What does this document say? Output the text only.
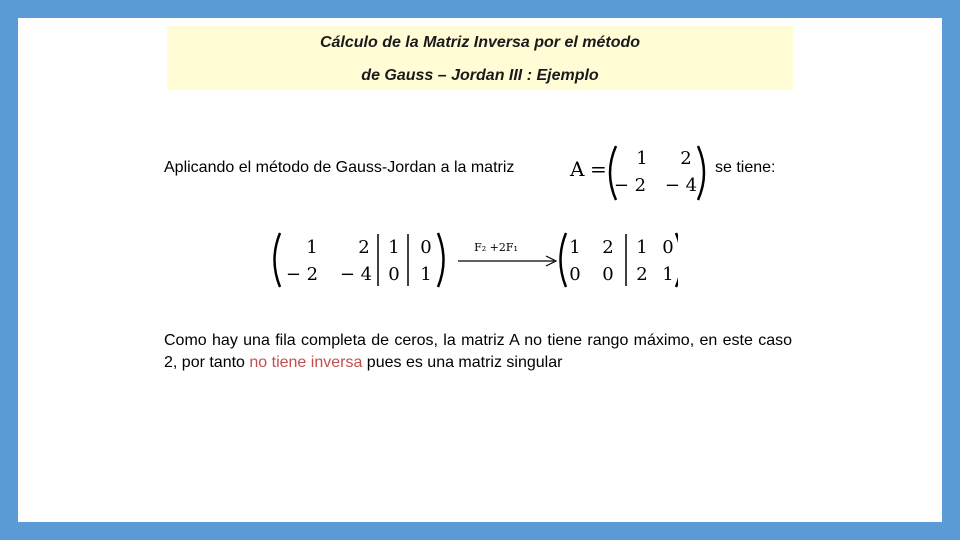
Cálculo de la Matriz Inversa por el método
de Gauss – Jordan III : Ejemplo
Aplicando el método de Gauss-Jordan a la matriz	A = 1 2
− 2 − 4
se tiene:
1 2 1 0
− 2 − 4 0 1
F₂ +2F₁	1 2 1 0
0 0 2 1
Como hay una fila completa de ceros, la matriz A no tiene rango máximo, en este caso 2, por tanto no tiene inversa pues es una matriz singular
